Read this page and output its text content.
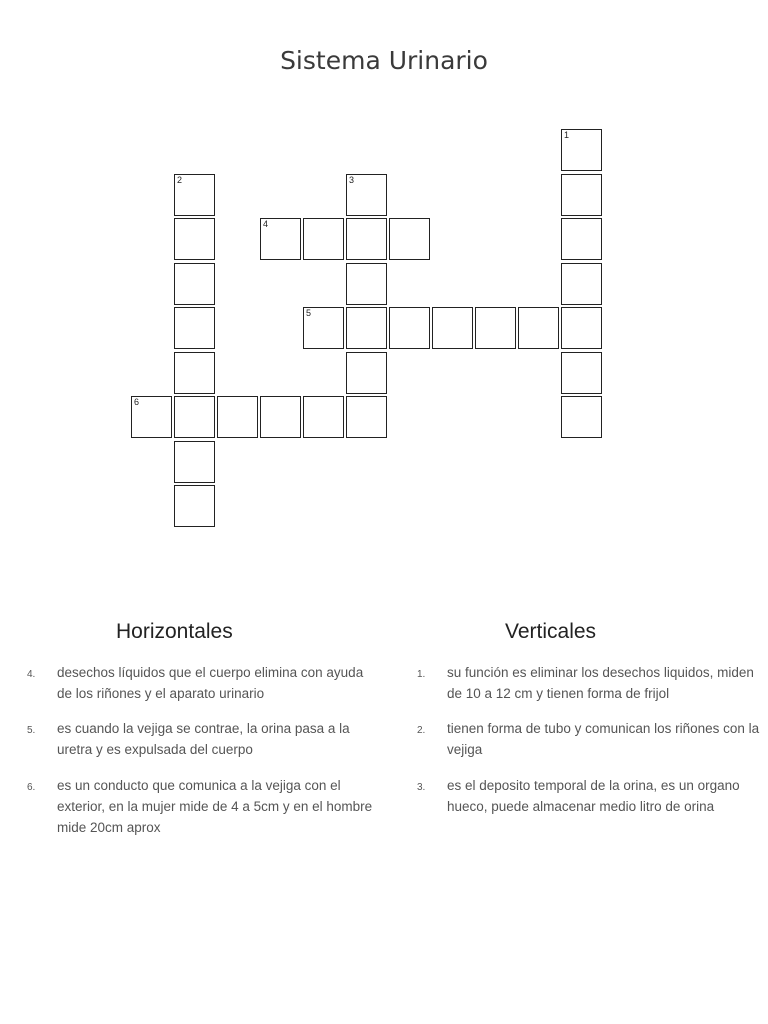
Sistema Urinario
1
2	3
4
5
6
Horizontales	Verticales
4. desechos líquidos que el cuerpo elimina con ayuda
de los riñones y el aparato urinario
5. es cuando la vejiga se contrae, la orina pasa a la
uretra y es expulsada del cuerpo
6. es un conducto que comunica a la vejiga con el
exterior, en la mujer mide de 4 a 5cm y en el hombre
mide 20cm aprox
1. su función es eliminar los desechos liquidos, miden
de 10 a 12 cm y tienen forma de frijol
2. tienen forma de tubo y comunican los riñones con la
vejiga
3. es el deposito temporal de la orina, es un organo
hueco, puede almacenar medio litro de orina
